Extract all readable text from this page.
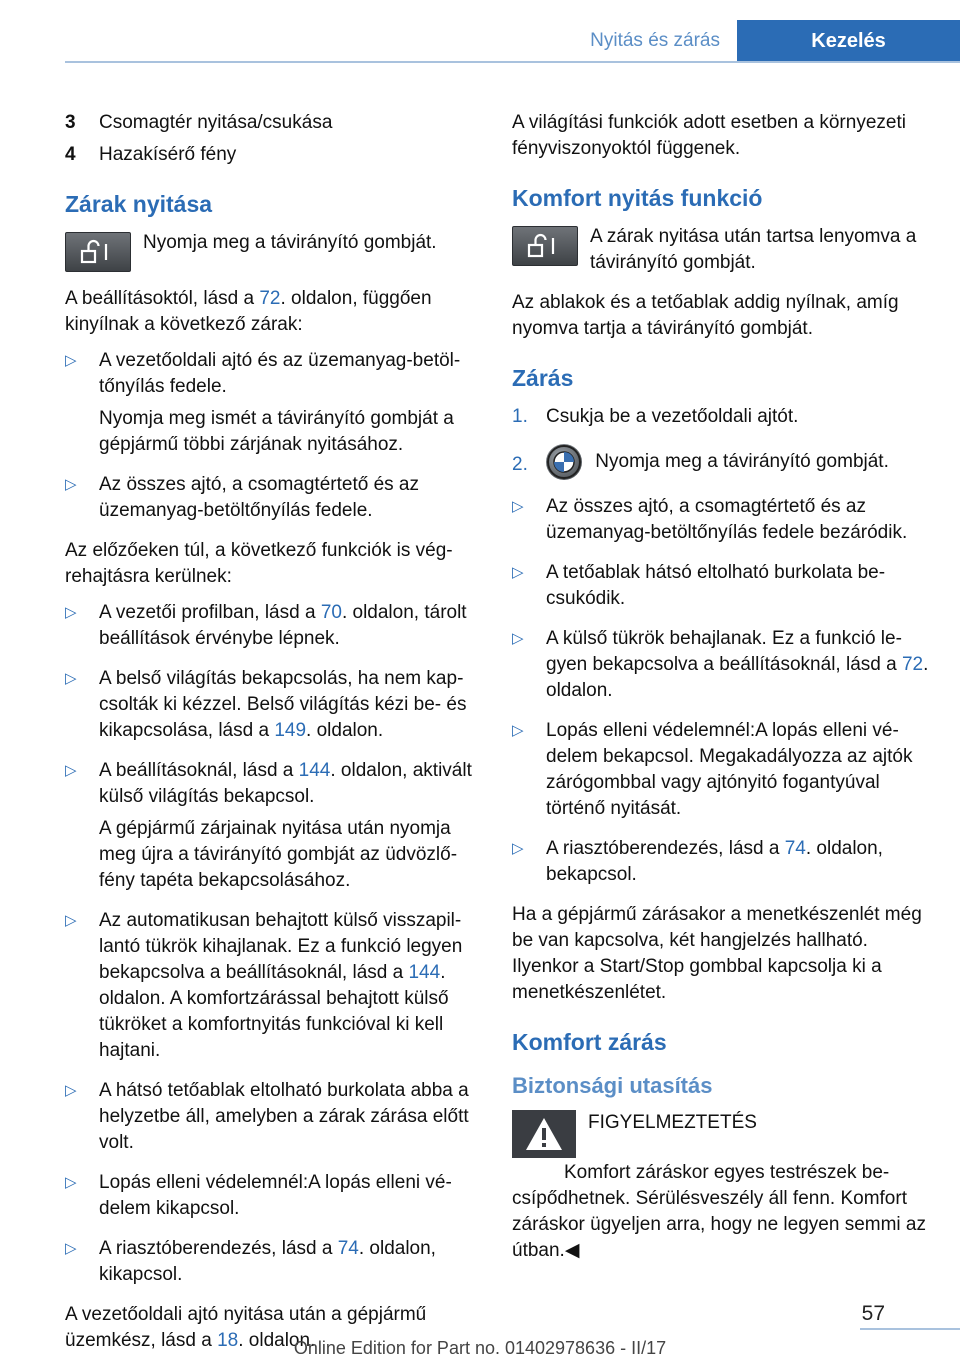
Nyitás és zárás	Kezelés
3	Csomagtér nyitása/csukása
4	Hazakísérő fény
Zárak nyitása
Nyomja meg a távirányító gombját.

A beállításoktól, lásd a 72. oldalon, függően kinyílnak a következő zárak:

▷	A vezetőoldali ajtó és az üzemanyag-betöltőnyílás fedele.

Nyomja meg ismét a távirányító gombját a gépjármű többi zárjának nyitásához.

▷	Az összes ajtó, a csomagtértető és az üzemanyag-betöltőnyílás fedele.

Az előzőeken túl, a következő funkciók is végrehajtásra kerülnek:

▷	A vezetői profilban, lásd a 70. oldalon, tárolt beállítások érvénybe lépnek.

▷	A belső világítás bekapcsolás, ha nem kapcsolták ki kézzel. Belső világítás kézi be- és kikapcsolása, lásd a 149. oldalon.

▷	A beállításoknál, lásd a 144. oldalon, aktivált külső világítás bekapcsol.

A gépjármű zárjainak nyitása után nyomja meg újra a távirányító gombját az üdvözlőfény tapéta bekapcsolásához.

▷	Az automatikusan behajtott külső visszapillantó tükrök kihajlanak. Ez a funkció legyen bekapcsolva a beállításoknál, lásd a 144. oldalon. A komfortzárással behajtott külső tükröket a komfortnyitás funkcióval ki kell hajtani.

▷	A hátsó tetőablak eltolható burkolata abba a helyzetbe áll, amelyben a zárak zárása előtt volt.

▷	Lopás elleni védelemnél:A lopás elleni védelem kikapcsol.

▷	A riasztóberendezés, lásd a 74. oldalon, kikapcsol.

A vezetőoldali ajtó nyitása után a gépjármű üzemkész, lásd a 18. oldalon.

A világítási funkciók adott esetben a környezeti fényviszonyoktól függenek.

Komfort nyitás funkció
A zárak nyitása után tartsa lenyomva a távirányító gombját.

Az ablakok és a tetőablak addig nyílnak, amíg nyomva tartja a távirányító gombját.

Zárás
1. Csukja be a vezetőoldali ajtót.
2.	Nyomja meg a távirányító gombját.
▷	Az összes ajtó, a csomagtértető és az üzemanyag-betöltőnyílás fedele bezáródik.

▷	A tetőablak hátsó eltolható burkolata becsukódik.

▷	A külső tükrök behajlanak. Ez a funkció legyen bekapcsolva a beállításoknál, lásd a 72. oldalon.

▷	Lopás elleni védelemnél:A lopás elleni védelem bekapcsol. Megakadályozza az ajtók zárógombbal vagy ajtónyitó fogantyúval történő nyitását.

▷	A riasztóberendezés, lásd a 74. oldalon, bekapcsol.

Ha a gépjármű zárásakor a menetkészenlét még be van kapcsolva, két hangjelzés hallható. Ilyenkor a Start/Stop gombbal kapcsolja ki a menetkészenlétet.

Komfort zárás
Biztonsági utasítás
FIGYELMEZTETÉS

Komfort záráskor egyes testrészek becsípődhetnek. Sérülésveszély áll fenn. Komfort záráskor ügyeljen arra, hogy ne legyen semmi az útban.◀

57
Online Edition for Part no. 01402978636 - II/17
